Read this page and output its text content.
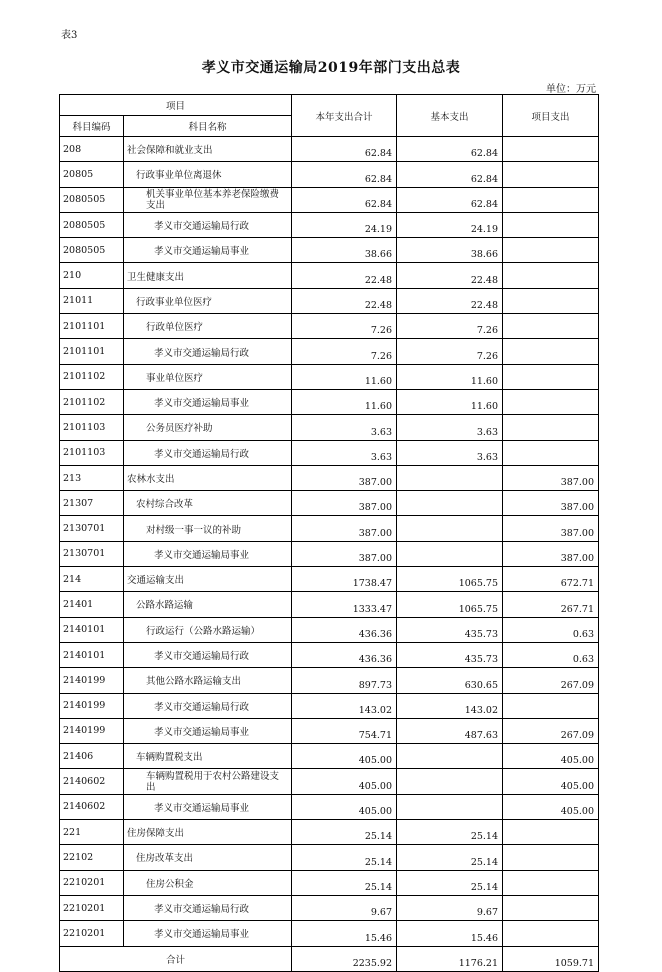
表3
孝义市交通运输局2019年部门支出总表
单位：万元
项目		本年支出合计	基本支出	项目支出
科目编码	科目名称			
208	社会保障和就业支出	62.84	62.84	
20805	行政事业单位离退休	62.84	62.84	
2080505	机关事业单位基本养老保险缴费支出	62.84	62.84	
2080505	孝义市交通运输局行政	24.19	24.19	
2080505	孝义市交通运输局事业	38.66	38.66	
210	卫生健康支出	22.48	22.48	
21011	行政事业单位医疗	22.48	22.48	
2101101	行政单位医疗	7.26	7.26	
2101101	孝义市交通运输局行政	7.26	7.26	
2101102	事业单位医疗	11.60	11.60	
2101102	孝义市交通运输局事业	11.60	11.60	
2101103	公务员医疗补助	3.63	3.63	
2101103	孝义市交通运输局行政	3.63	3.63	
213	农林水支出	387.00		387.00
21307	农村综合改革	387.00		387.00
2130701	对村级一事一议的补助	387.00		387.00
2130701	孝义市交通运输局事业	387.00		387.00
214	交通运输支出	1738.47	1065.75	672.71
21401	公路水路运输	1333.47	1065.75	267.71
2140101	行政运行（公路水路运输）	436.36	435.73	0.63
2140101	孝义市交通运输局行政	436.36	435.73	0.63
2140199	其他公路水路运输支出	897.73	630.65	267.09
2140199	孝义市交通运输局行政	143.02	143.02	
2140199	孝义市交通运输局事业	754.71	487.63	267.09
21406	车辆购置税支出	405.00		405.00
2140602	车辆购置税用于农村公路建设支出	405.00		405.00
2140602	孝义市交通运输局事业	405.00		405.00
221	住房保障支出	25.14	25.14	
22102	住房改革支出	25.14	25.14	
2210201	住房公积金	25.14	25.14	
2210201	孝义市交通运输局行政	9.67	9.67	
2210201	孝义市交通运输局事业	15.46	15.46	
合计		2235.92	1176.21	1059.71
